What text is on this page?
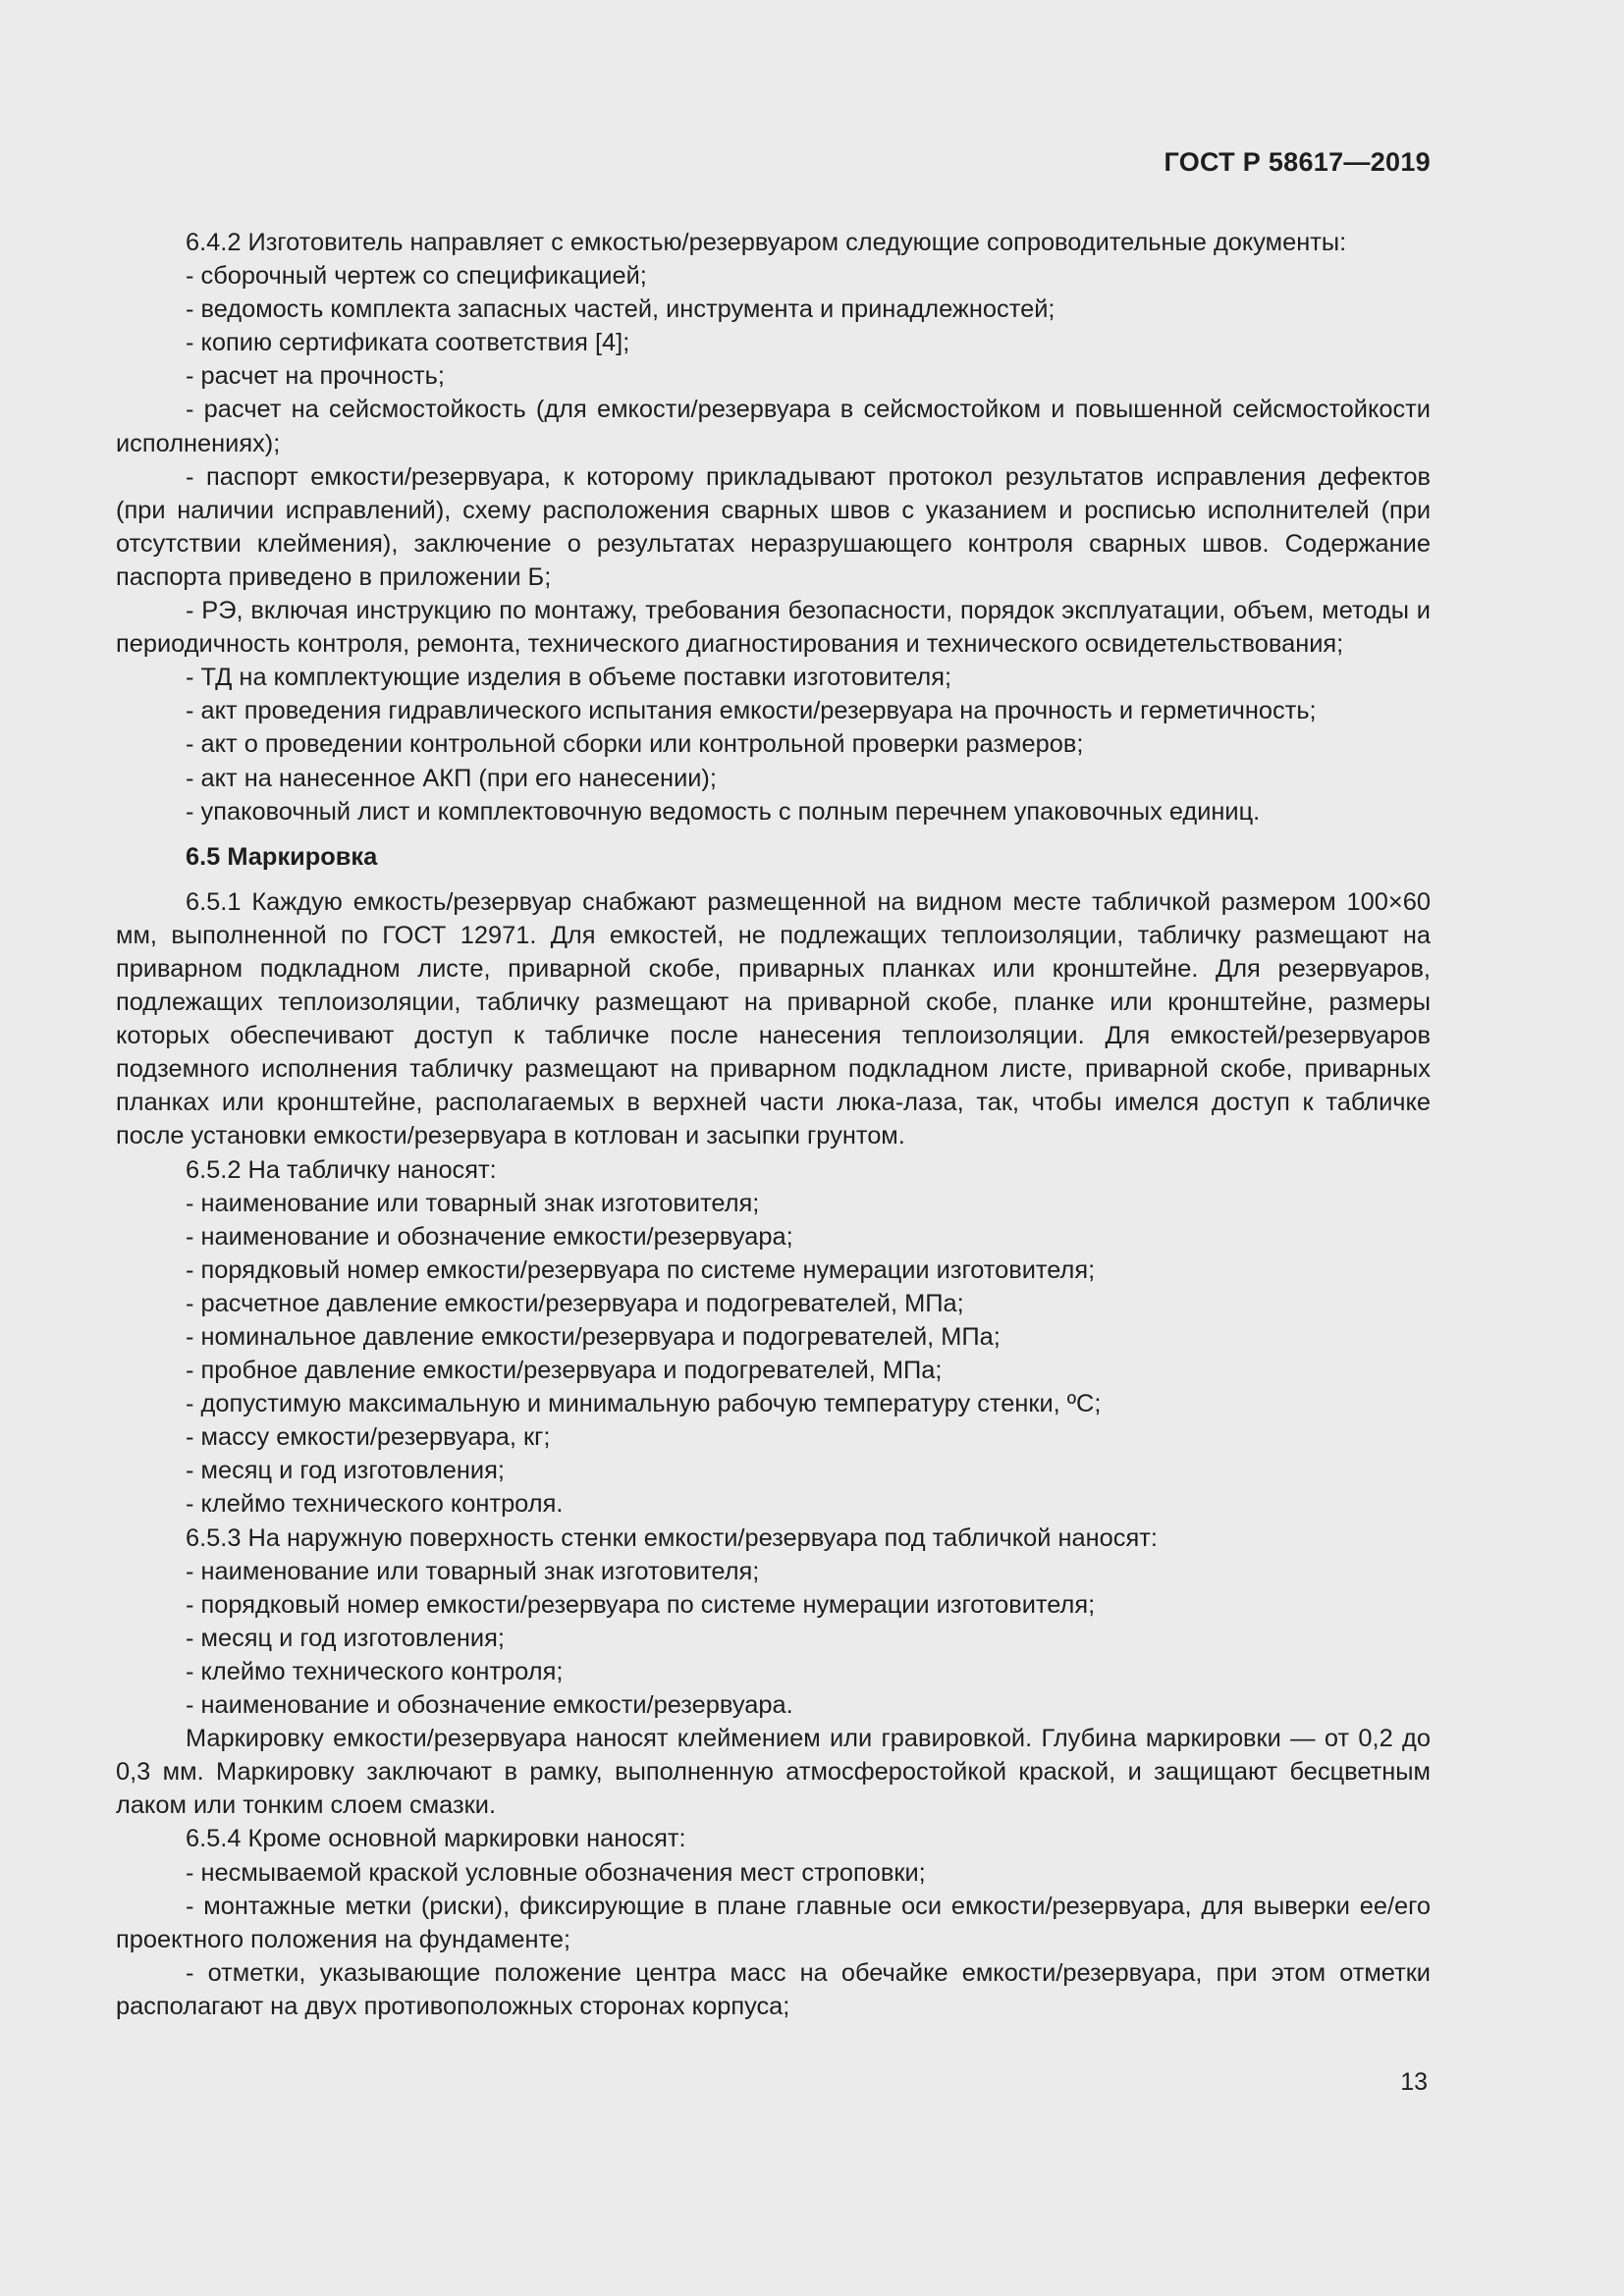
ГОСТ Р 58617—2019

6.4.2 Изготовитель направляет с емкостью/резервуаром следующие сопроводительные документы:

- сборочный чертеж со спецификацией;

- ведомость комплекта запасных частей, инструмента и принадлежностей;

- копию сертификата соответствия [4];

- расчет на прочность;

- расчет на сейсмостойкость (для емкости/резервуара в сейсмостойком и повышенной сейсмостойкости исполнениях);

- паспорт емкости/резервуара, к которому прикладывают протокол результатов исправления дефектов (при наличии исправлений), схему расположения сварных швов с указанием и росписью исполнителей (при отсутствии клеймения), заключение о результатах неразрушающего контроля сварных швов. Содержание паспорта приведено в приложении Б;

- РЭ, включая инструкцию по монтажу, требования безопасности, порядок эксплуатации, объем, методы и периодичность контроля, ремонта, технического диагностирования и технического освидетельствования;

- ТД на комплектующие изделия в объеме поставки изготовителя;

- акт проведения гидравлического испытания емкости/резервуара на прочность и герметичность;

- акт о проведении контрольной сборки или контрольной проверки размеров;

- акт на нанесенное АКП (при его нанесении);

- упаковочный лист и комплектовочную ведомость с полным перечнем упаковочных единиц.

6.5 Маркировка

6.5.1 Каждую емкость/резервуар снабжают размещенной на видном месте табличкой размером 100×60 мм, выполненной по ГОСТ 12971. Для емкостей, не подлежащих теплоизоляции, табличку размещают на приварном подкладном листе, приварной скобе, приварных планках или кронштейне. Для резервуаров, подлежащих теплоизоляции, табличку размещают на приварной скобе, планке или кронштейне, размеры которых обеспечивают доступ к табличке после нанесения теплоизоляции. Для емкостей/резервуаров подземного исполнения табличку размещают на приварном подкладном листе, приварной скобе, приварных планках или кронштейне, располагаемых в верхней части люка-лаза, так, чтобы имелся доступ к табличке после установки емкости/резервуара в котлован и засыпки грунтом.

6.5.2 На табличку наносят:

- наименование или товарный знак изготовителя;

- наименование и обозначение емкости/резервуара;

- порядковый номер емкости/резервуара по системе нумерации изготовителя;

- расчетное давление емкости/резервуара и подогревателей, МПа;

- номинальное давление емкости/резервуара и подогревателей, МПа;

- пробное давление емкости/резервуара и подогревателей, МПа;

- допустимую максимальную и минимальную рабочую температуру стенки, ºС;

- массу емкости/резервуара, кг;

- месяц и год изготовления;

- клеймо технического контроля.

6.5.3 На наружную поверхность стенки емкости/резервуара под табличкой наносят:

- наименование или товарный знак изготовителя;

- порядковый номер емкости/резервуара по системе нумерации изготовителя;

- месяц и год изготовления;

- клеймо технического контроля;

- наименование и обозначение емкости/резервуара.

Маркировку емкости/резервуара наносят клеймением или гравировкой. Глубина маркировки — от 0,2 до 0,3 мм. Маркировку заключают в рамку, выполненную атмосферостойкой краской, и защищают бесцветным лаком или тонким слоем смазки.

6.5.4 Кроме основной маркировки наносят:

- несмываемой краской условные обозначения мест строповки;

- монтажные метки (риски), фиксирующие в плане главные оси емкости/резервуара, для выверки ее/его проектного положения на фундаменте;

- отметки, указывающие положение центра масс на обечайке емкости/резервуара, при этом отметки располагают на двух противоположных сторонах корпуса;

13
